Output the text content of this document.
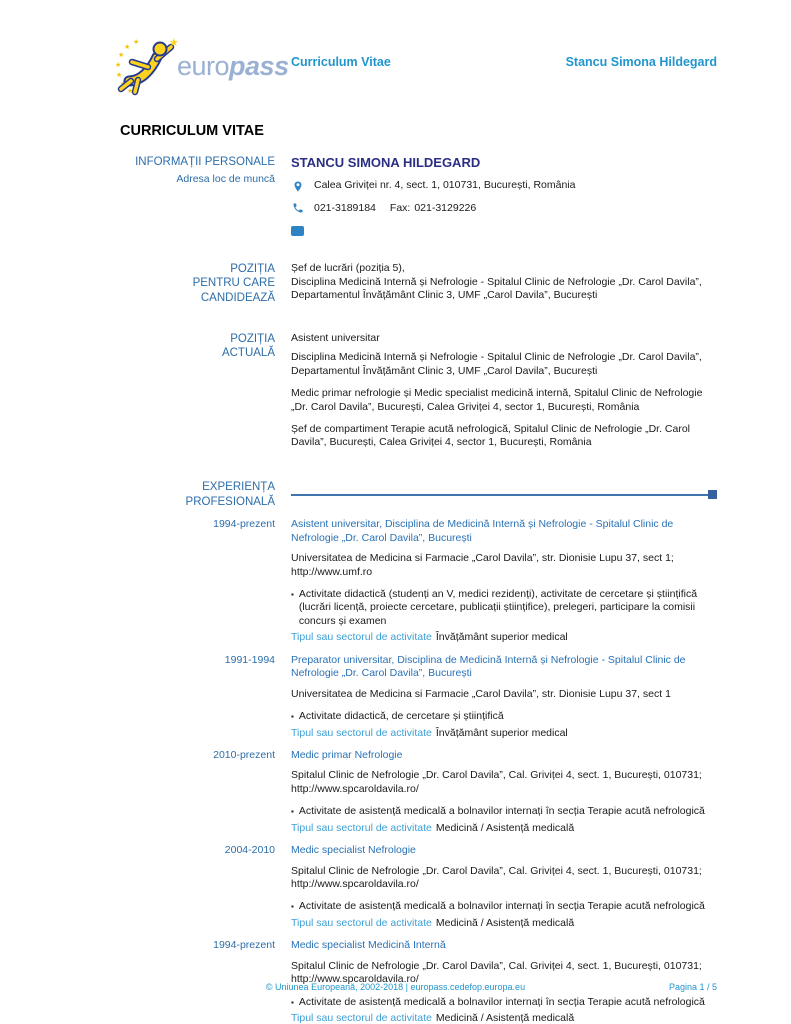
★
★
★
★
★
★
★
★
europass Curriculum Vitae	Stancu Simona Hildegard
CURRICULUM VITAE
INFORMAȚII PERSONALE
Adresa loc de muncă
STANCU SIMONA HILDEGARD
Calea Griviței nr. 4, sect. 1, 010731, București, România
021-3189184 Fax: 021-3129226
POZIȚIA
PENTRU CARE CANDIDEAZĂ
Șef de lucrări (poziția 5),
Disciplina Medicină Internă și Nefrologie - Spitalul Clinic de Nefrologie „Dr. Carol Davila”, Departamentul Învățământ Clinic 3, UMF „Carol Davila”, București
POZIȚIA
ACTUALĂ
Asistent universitar
Disciplina Medicină Internă și Nefrologie - Spitalul Clinic de Nefrologie „Dr. Carol Davila”, Departamentul Învățământ Clinic 3, UMF „Carol Davila”, București
Medic primar nefrologie și Medic specialist medicină internă, Spitalul Clinic de Nefrologie „Dr. Carol Davila”, București, Calea Griviței 4, sector 1, București, România
Șef de compartiment Terapie acută nefrologică, Spitalul Clinic de Nefrologie „Dr. Carol Davila”, București, Calea Griviței 4, sector 1, București, România
EXPERIENȚA PROFESIONALĂ
1994-prezent Asistent universitar, Disciplina de Medicină Internă și Nefrologie - Spitalul Clinic de Nefrologie „Dr. Carol Davila”, București
Universitatea de Medicina si Farmacie „Carol Davila”, str. Dionisie Lupu 37, sect 1; http://www.umf.ro
▪ Activitate didactică (studenți an V, medici rezidenți), activitate de cercetare și științifică (lucrări licență, proiecte cercetare, publicații științifice), prelegeri, participare la comisii concurs și examen
Tipul sau sectorul de activitate Învățământ superior medical
1991-1994 Preparator universitar, Disciplina de Medicină Internă și Nefrologie - Spitalul Clinic de Nefrologie „Dr. Carol Davila”, București
Universitatea de Medicina si Farmacie „Carol Davila”, str. Dionisie Lupu 37, sect 1
▪ Activitate didactică, de cercetare și științifică
Tipul sau sectorul de activitate Învățământ superior medical
2010-prezent Medic primar Nefrologie
Spitalul Clinic de Nefrologie „Dr. Carol Davila”, Cal. Griviței 4, sect. 1, București, 010731; http://www.spcaroldavila.ro/
▪ Activitate de asistență medicală a bolnavilor internați în secția Terapie acută nefrologică
Tipul sau sectorul de activitate Medicină / Asistență medicală
2004-2010 Medic specialist Nefrologie
Spitalul Clinic de Nefrologie „Dr. Carol Davila”, Cal. Griviței 4, sect. 1, București, 010731; http://www.spcaroldavila.ro/
▪ Activitate de asistență medicală a bolnavilor internați în secția Terapie acută nefrologică
Tipul sau sectorul de activitate Medicină / Asistență medicală
1994-prezent Medic specialist Medicină Internă
Spitalul Clinic de Nefrologie „Dr. Carol Davila”, Cal. Griviței 4, sect. 1, București, 010731; http://www.spcaroldavila.ro/
▪ Activitate de asistență medicală a bolnavilor internați în secția Terapie acută nefrologică
Tipul sau sectorul de activitate Medicină / Asistență medicală
© Uniunea Europeană, 2002-2018 | europass.cedefop.europa.eu	Pagina 1 / 5
